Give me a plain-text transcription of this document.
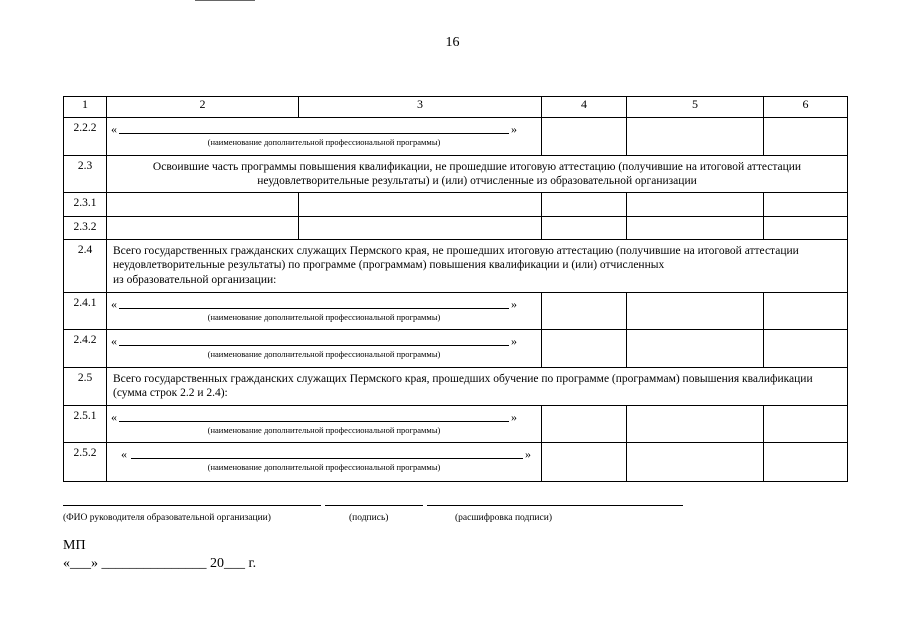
16
1	2	3	4	5	6
2.2.2	« »
(наименование дополнительной профессиональной программы)				

2.3	Освоившие часть программы повышения квалификации, не прошедшие итоговую аттестацию (получившие на итоговой аттестации неудовлетворительные результаты) и (или) отчисленные из образовательной организации				
2.3.1					
2.3.2					
2.4	Всего государственных гражданских служащих Пермского края, не прошедших итоговую аттестацию (получившие на итоговой аттестации неудовлетворительные результаты) по программе (программам) повышения квалификации и (или) отчисленных
из образовательной организации:				

2.4.1	« »
(наименование дополнительной профессиональной программы)				

2.4.2	« »
(наименование дополнительной профессиональной программы)				

2.5	Всего государственных гражданских служащих Пермского края, прошедших обучение по программе (программам) повышения квалификации (сумма строк 2.2 и 2.4):				
2.5.1	« »
(наименование дополнительной профессиональной программы)				

2.5.2	« »
(наименование дополнительной профессиональной программы)				

(ФИО руководителя образовательной организации)	(подпись)	(расшифровка подписи)
МП
«___» _______________ 20___ г.
